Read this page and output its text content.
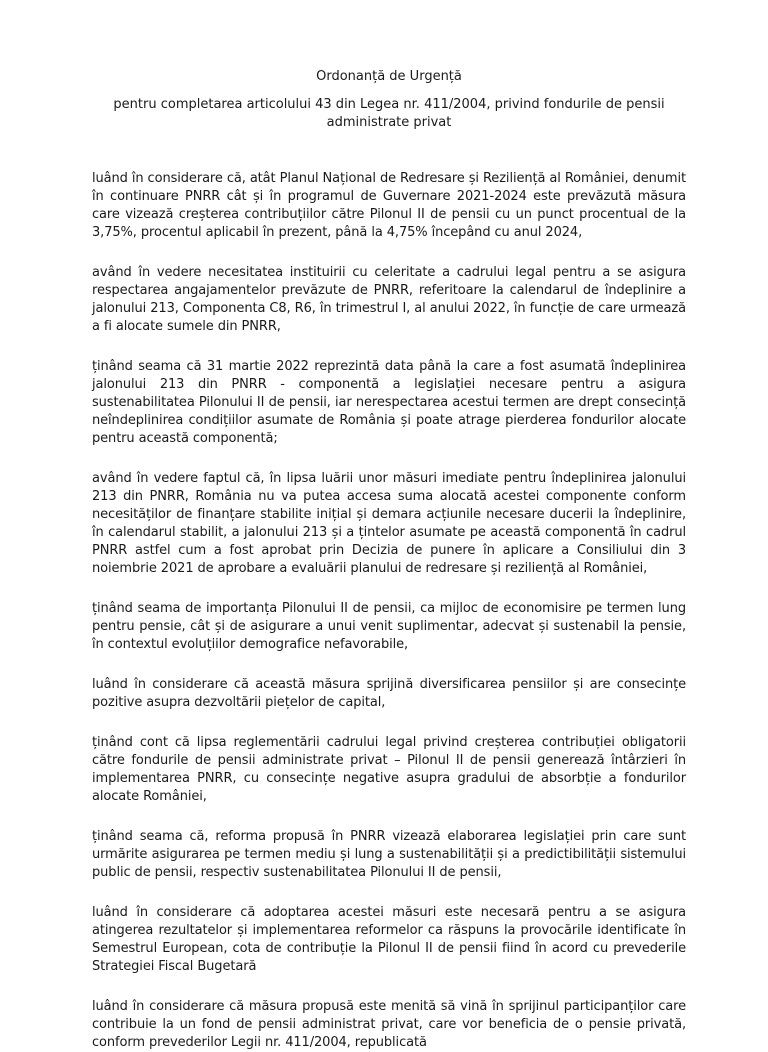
Ordonanță de Urgență

pentru completarea articolului 43 din Legea nr. 411/2004, privind fondurile de pensii administrate privat

luând în considerare că, atât Planul Național de Redresare și Reziliență al României, denumit în continuare PNRR cât și în programul de Guvernare 2021-2024 este prevăzută măsura care vizează creșterea contribuțiilor către Pilonul II de pensii cu un punct procentual de la 3,75%, procentul aplicabil în prezent, până la 4,75% începând cu anul 2024,

având în vedere necesitatea instituirii cu celeritate a cadrului legal pentru a se asigura respectarea angajamentelor prevăzute de PNRR, referitoare la calendarul de îndeplinire a jalonului 213, Componenta C8, R6, în trimestrul I, al anului 2022, în funcție de care urmează a fi alocate sumele din PNRR,

ținând seama că 31 martie 2022 reprezintă data până la care a fost asumată îndeplinirea jalonului 213 din PNRR - componentă a legislației necesare pentru a asigura sustenabilitatea Pilonului II de pensii, iar nerespectarea acestui termen are drept consecință neîndeplinirea condițiilor asumate de România și poate atrage pierderea fondurilor alocate pentru această componentă;

având în vedere faptul că, în lipsa luării unor măsuri imediate pentru îndeplinirea jalonului 213 din PNRR, România nu va putea accesa suma alocată acestei componente conform necesităților de finanțare stabilite inițial și demara acțiunile necesare ducerii la îndeplinire, în calendarul stabilit, a jalonului 213 și a țintelor asumate pe această componentă în cadrul PNRR astfel cum a fost aprobat prin Decizia de punere în aplicare a Consiliului din 3 noiembrie 2021 de aprobare a evaluării planului de redresare și reziliență al României,

ținând seama de importanța Pilonului II de pensii, ca mijloc de economisire pe termen lung pentru pensie, cât și de asigurare a unui venit suplimentar, adecvat și sustenabil la pensie, în contextul evoluțiilor demografice nefavorabile,

luând în considerare că această măsura sprijină diversificarea pensiilor și are consecințe pozitive asupra dezvoltării piețelor de capital,

ținând cont că lipsa reglementării cadrului legal privind creșterea contribuției obligatorii către fondurile de pensii administrate privat – Pilonul II de pensii generează întârzieri în implementarea PNRR, cu consecințe negative asupra gradului de absorbție a fondurilor alocate României,

ținând seama că, reforma propusă în PNRR vizează elaborarea legislației prin care sunt urmărite asigurarea pe termen mediu și lung a sustenabilității și a predictibilității sistemului public de pensii, respectiv sustenabilitatea Pilonului II de pensii,

luând în considerare că adoptarea acestei măsuri este necesară pentru a se asigura atingerea rezultatelor și implementarea reformelor ca răspuns la provocările identificate în Semestrul European, cota de contribuție la Pilonul II de pensii fiind în acord cu prevederile Strategiei Fiscal Bugetară

luând în considerare că măsura propusă este menită să vină în sprijinul participanților care contribuie la un fond de pensii administrat privat, care vor beneficia de o pensie privată, conform prevederilor Legii nr. 411/2004, republicată
